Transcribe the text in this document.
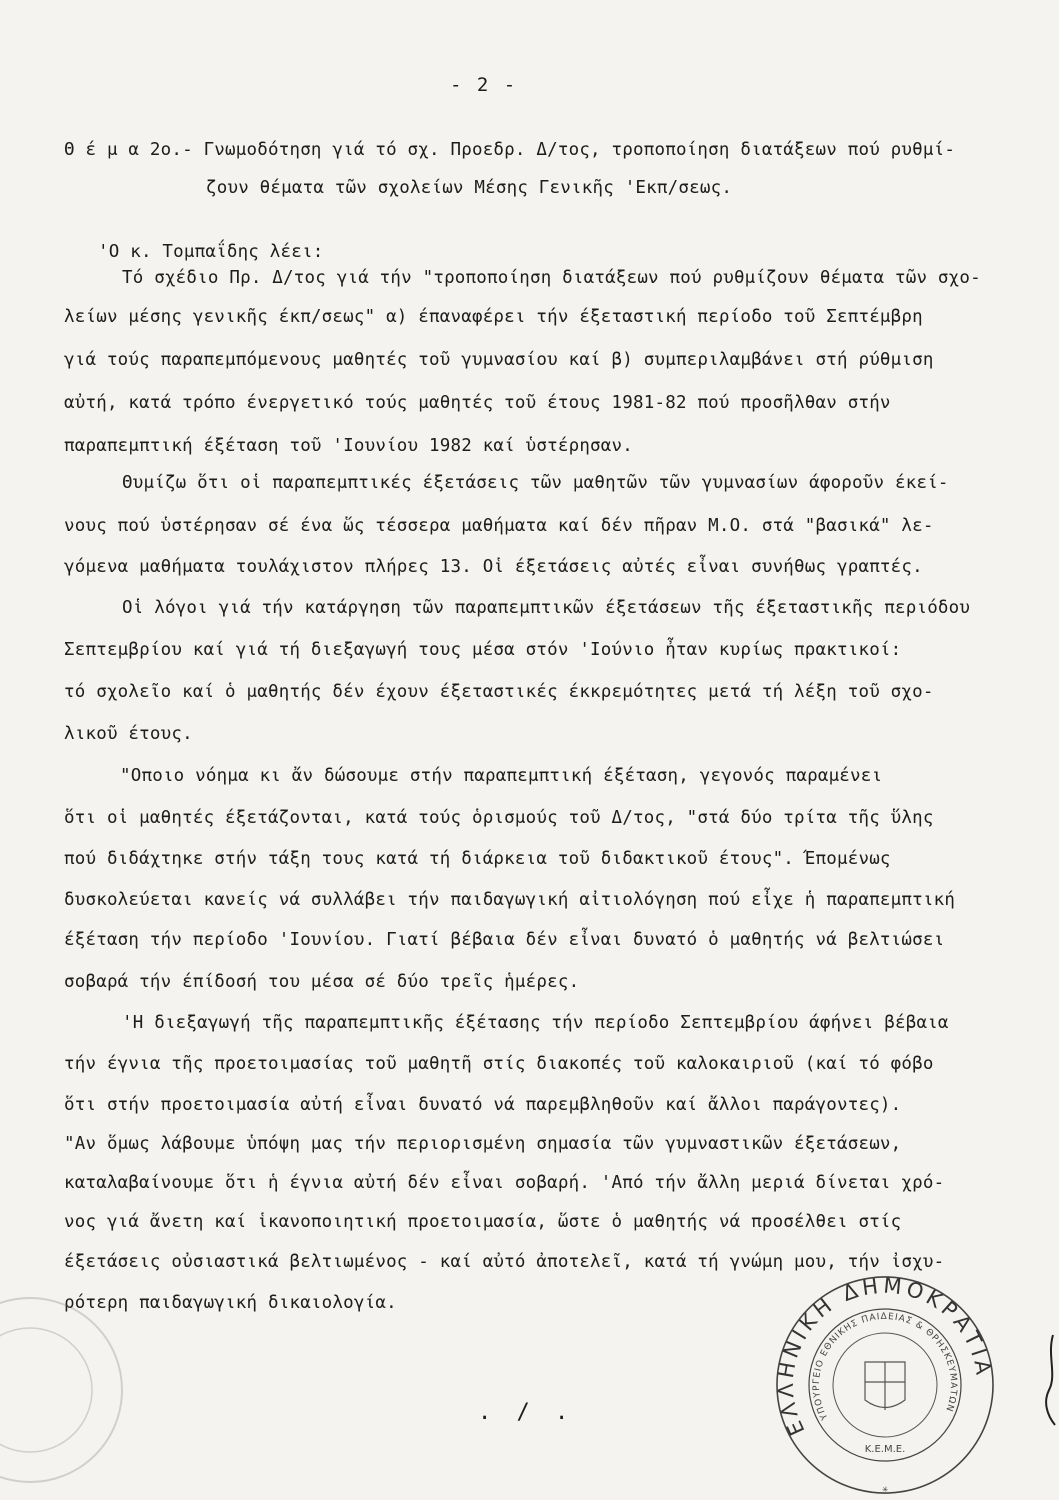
- 2 -
Θ έ μ α 2ο.- Γνωμοδότηση γιά τό σχ. Προεδρ. Δ/τος, τροποποίηση διατάξεων πού ρυθμί-
ζουν θέματα τῶν σχολείων Μέσης Γενικῆς 'Εκπ/σεως.
'Ο κ. Τομπαΐδης λέει:
Τό σχέδιο Πρ. Δ/τος γιά τήν "τροποποίηση διατάξεων πού ρυθμίζουν θέματα τῶν σχο-
λείων μέσης γενικῆς έκπ/σεως" α) έπαναφέρει τήν έξεταστική περίοδο τοῦ Σεπτέμβρη
γιά τούς παραπεμπόμενους μαθητές τοῦ γυμνασίου καί β) συμπεριλαμβάνει στή ρύθμιση
αὐτή, κατά τρόπο ένεργετικό τούς μαθητές τοῦ έτους 1981-82 πού προσῆλθαν στήν
παραπεμπτική έξέταση τοῦ 'Ιουνίου 1982 καί ὑστέρησαν.
Θυμίζω ὅτι οἱ παραπεμπτικές έξετάσεις τῶν μαθητῶν τῶν γυμνασίων άφοροῦν έκεί-
νους πού ὑστέρησαν σέ ένα ὥς τέσσερα μαθήματα καί δέν πῆραν Μ.Ο. στά "βασικά" λε-
γόμενα μαθήματα τουλάχιστον πλήρες 13. Οἱ έξετάσεις αὐτές εἶναι συνήθως γραπτές.
Οἱ λόγοι γιά τήν κατάργηση τῶν παραπεμπτικῶν έξετάσεων τῆς έξεταστικῆς περιόδου
Σεπτεμβρίου καί γιά τή διεξαγωγή τους μέσα στόν 'Ιούνιο ἦταν κυρίως πρακτικοί:
τό σχολεῖο καί ὁ μαθητής δέν έχουν έξεταστικές έκκρεμότητες μετά τή λέξη τοῦ σχο-
λικοῦ έτους.
"Οποιο νόημα κι ἄν δώσουμε στήν παραπεμπτική έξέταση, γεγονός παραμένει
ὅτι οἱ μαθητές έξετάζονται, κατά τούς ὁρισμούς τοῦ Δ/τος, "στά δύο τρίτα τῆς ὕλης
πού διδάχτηκε στήν τάξη τους κατά τή διάρκεια τοῦ διδακτικοῦ έτους". Έπομένως
δυσκολεύεται κανείς νά συλλάβει τήν παιδαγωγική αἰτιολόγηση πού εἶχε ἡ παραπεμπτική
έξέταση τήν περίοδο 'Ιουνίου. Γιατί βέβαια δέν εἶναι δυνατό ὁ μαθητής νά βελτιώσει
σοβαρά τήν έπίδοσή του μέσα σέ δύο τρεῖς ἡμέρες.
'Η διεξαγωγή τῆς παραπεμπτικῆς έξέτασης τήν περίοδο Σεπτεμβρίου άφήνει βέβαια
τήν έγνια τῆς προετοιμασίας τοῦ μαθητῆ στίς διακοπές τοῦ καλοκαιριοῦ (καί τό φόβο
ὅτι στήν προετοιμασία αὐτή εἶναι δυνατό νά παρεμβληθοῦν καί ἄλλοι παράγοντες).
"Αν ὅμως λάβουμε ὑπόψη μας τήν περιορισμένη σημασία τῶν γυμναστικῶν έξετάσεων,
καταλαβαίνουμε ὅτι ἡ έγνια αὐτή δέν εἶναι σοβαρή. 'Από τήν ἄλλη μεριά δίνεται χρό-
νος γιά ἄνετη καί ἱκανοποιητική προετοιμασία, ὥστε ὁ μαθητής νά προσέλθει στίς
έξετάσεις οὐσιαστικά βελτιωμένος - καί αὐτό ἀποτελεῖ, κατά τή γνώμη μου, τήν ἰσχυ-
ρότερη παιδαγωγική δικαιολογία.
. / .
ΕΛΛΗΝΙΚΗ ΔΗΜΟΚΡΑΤΙΑ
ΥΠΟΥΡΓΕΙΟ ΕΘΝΙΚΗΣ ΠΑΙΔΕΙΑΣ & ΘΡΗΣΚΕΥΜΑΤΩΝ
Κ.Ε.Μ.Ε.
✳
